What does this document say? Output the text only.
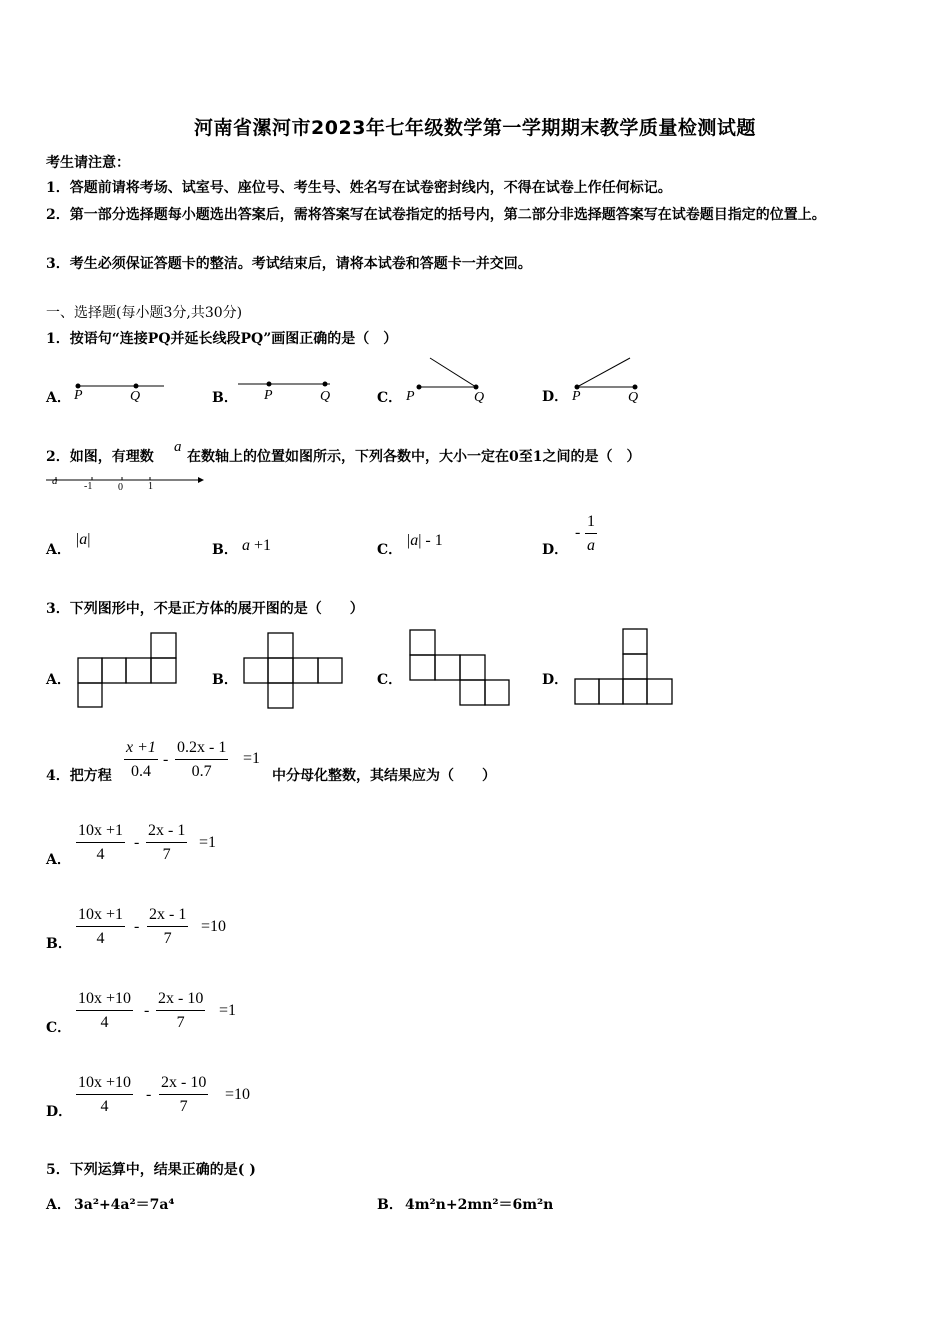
河南省漯河市2023年七年级数学第一学期期末教学质量检测试题
考生请注意：
1．答题前请将考场、试室号、座位号、考生号、姓名写在试卷密封线内，不得在试卷上作任何标记。
2．第一部分选择题每小题选出答案后，需将答案写在试卷指定的括号内，第二部分非选择题答案写在试卷题目指定的位置上。
3．考生必须保证答题卡的整洁。考试结束后，请将本试卷和答题卡一并交回。
一、选择题(每小题3分,共30分)
1．按语句“连接PQ并延长线段PQ”画图正确的是（　）
A． P	Q	B． P	Q	C． P	Q	D． P	Q
2．如图，有理数
a
在数轴上的位置如图所示，下列各数中，大小一定在0至1之间的是（　）
a	-1	0	1
A．
|a|
B． a +1	C．
|a| - 1
D．
- $\frac{1}{a}$
3．下列图形中，不是正方体的展开图的是（　　）
A．	B．	C．	D．
4．把方程 $\frac{x +1}{0.4} - \frac{0.2x - 1}{0.7} =1$
中分母化整数，其结果应为（　　）
A． $\frac{10x +1}{4} - \frac{2x - 1}{7} =1$
B． $\frac{10x +1}{4} - \frac{2x - 1}{7} =10$
C． $\frac{10x +10}{4} - \frac{2x - 10}{7} =1$
D． $\frac{10x +10}{4} - \frac{2x - 10}{7} =10$
5．下列运算中，结果正确的是( )
A． 3a²+4a²＝7a⁴	B． 4m²n+2mn²＝6m²n
